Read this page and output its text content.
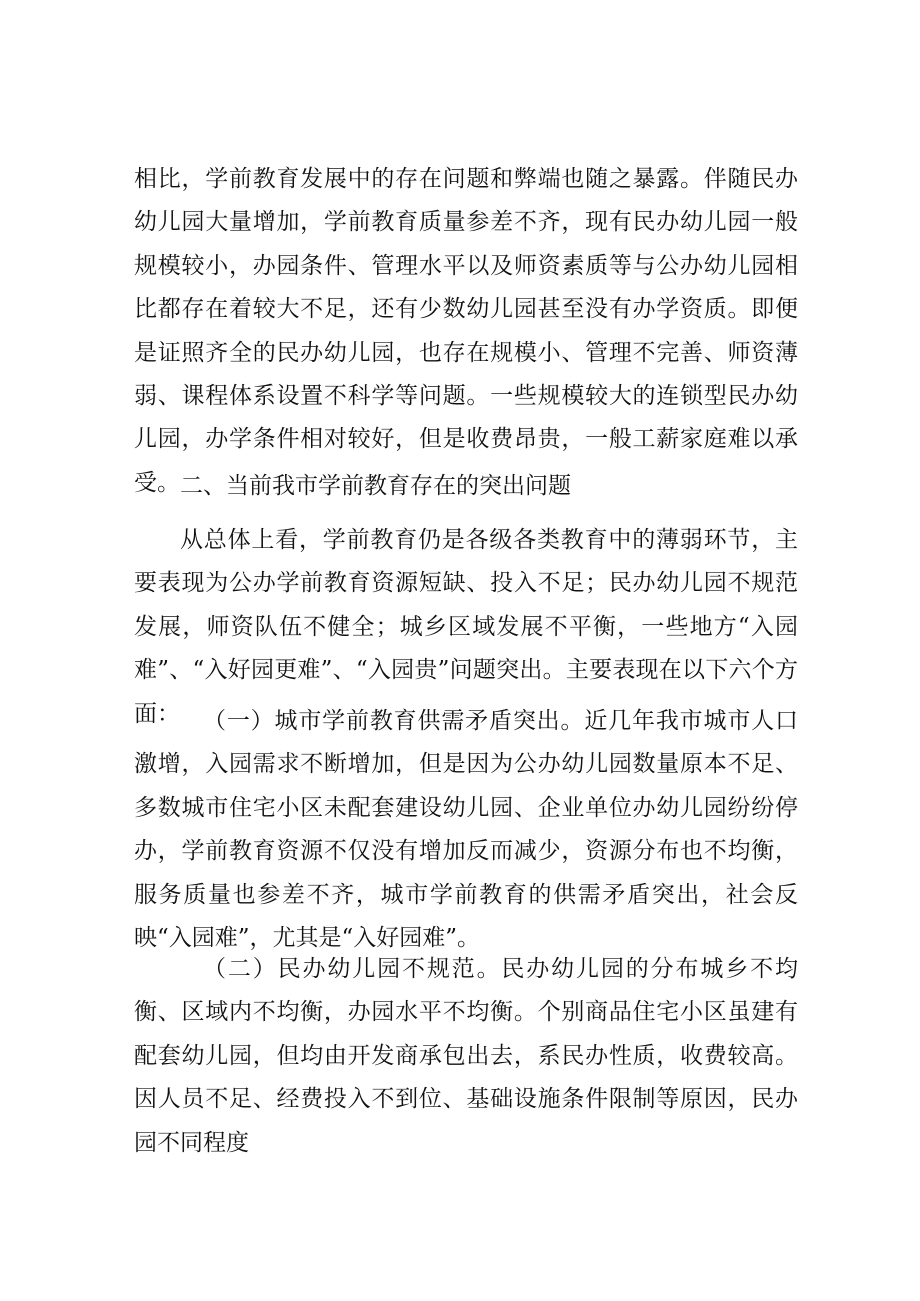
相比，学前教育发展中的存在问题和弊端也随之暴露。伴随民办幼儿园大量增加，学前教育质量参差不齐，现有民办幼儿园一般规模较小，办园条件、管理水平以及师资素质等与公办幼儿园相比都存在着较大不足，还有少数幼儿园甚至没有办学资质。即便是证照齐全的民办幼儿园，也存在规模小、管理不完善、师资薄弱、课程体系设置不科学等问题。一些规模较大的连锁型民办幼儿园，办学条件相对较好，但是收费昂贵，一般工薪家庭难以承受。 二、当前我市学前教育存在的突出问题

从总体上看，学前教育仍是各级各类教育中的薄弱环节，主要表现为公办学前教育资源短缺、投入不足；民办幼儿园不规范发展，师资队伍不健全；城乡区域发展不平衡，一些地方“入园难”、“入好园更难”、“入园贵”问题突出。主要表现在以下六个方面：	（一）城市学前教育供需矛盾突出。近几年我市城市人口激增，入园需求不断增加，但是因为公办幼儿园数量原本不足、多数城市住宅小区未配套建设幼儿园、企业单位办幼儿园纷纷停办，学前教育资源不仅没有增加反而减少，资源分布也不均衡，服务质量也参差不齐，城市学前教育的供需矛盾突出，社会反映“入园难”，尤其是“入好园难”。

（二）民办幼儿园不规范。民办幼儿园的分布城乡不均衡、区域内不均衡，办园水平不均衡。个别商品住宅小区虽建有配套幼儿园，但均由开发商承包出去，系民办性质，收费较高。因人员不足、经费投入不到位、基础设施条件限制等原因，民办园不同程度
